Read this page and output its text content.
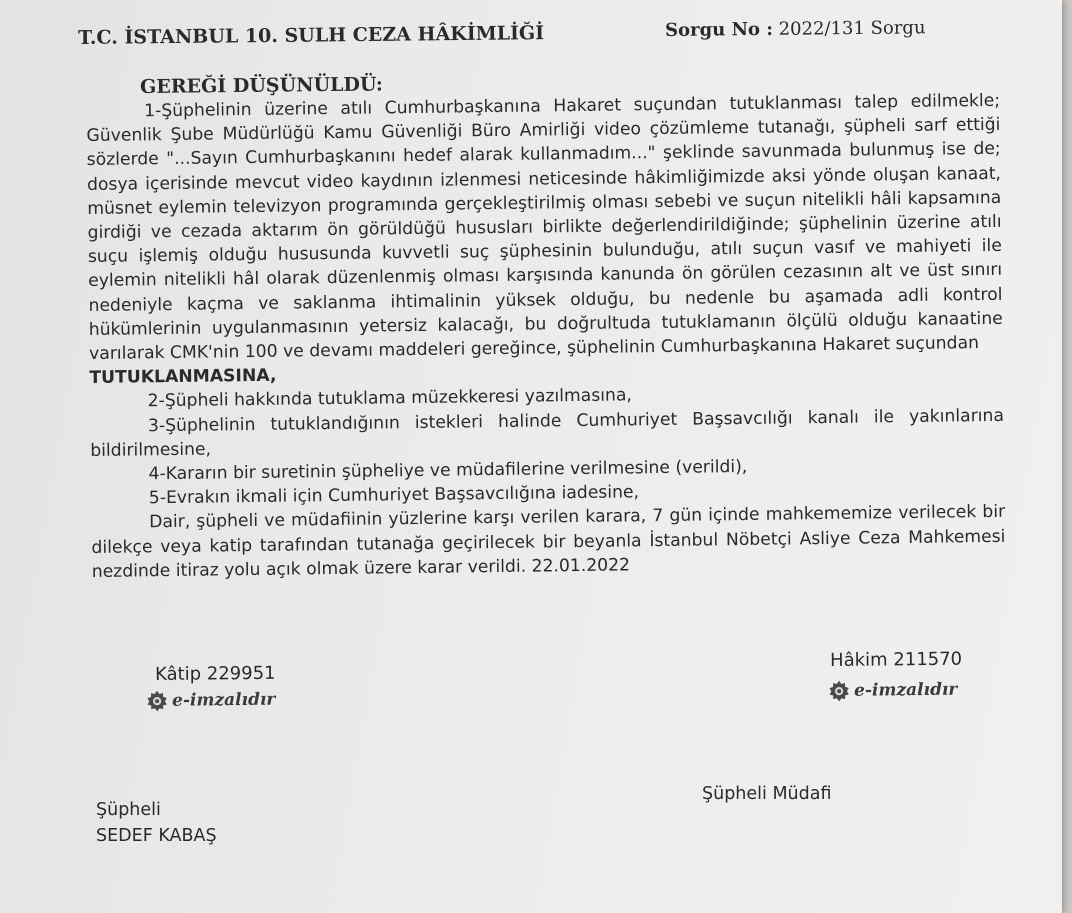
T.C. İSTANBUL 10. SULH CEZA HÂKİMLİĞİ	Sorgu No : 2022/131 Sorgu
GEREĞİ DÜŞÜNÜLDÜ:

1-Şüphelinin üzerine atılı Cumhurbaşkanına Hakaret suçundan tutuklanması talep edilmekle; Güvenlik Şube Müdürlüğü Kamu Güvenliği Büro Amirliği video çözümleme tutanağı, şüpheli sarf ettiği sözlerde "...Sayın Cumhurbaşkanını hedef alarak kullanmadım..." şeklinde savunmada bulunmuş ise de; dosya içerisinde mevcut video kaydının izlenmesi neticesinde hâkimliğimizde aksi yönde oluşan kanaat, müsnet eylemin televizyon programında gerçekleştirilmiş olması sebebi ve suçun nitelikli hâli kapsamına girdiği ve cezada aktarım ön görüldüğü hususları birlikte değerlendirildiğinde; şüphelinin üzerine atılı suçu işlemiş olduğu hususunda kuvvetli suç şüphesinin bulunduğu, atılı suçun vasıf ve mahiyeti ile eylemin nitelikli hâl olarak düzenlenmiş olması karşısında kanunda ön görülen cezasının alt ve üst sınırı nedeniyle kaçma ve saklanma ihtimalinin yüksek olduğu, bu nedenle bu aşamada adli kontrol hükümlerinin uygulanmasının yetersiz kalacağı, bu doğrultuda tutuklamanın ölçülü olduğu kanaatine varılarak CMK'nin 100 ve devamı maddeleri gereğince, şüphelinin Cumhurbaşkanına Hakaret suçundan
TUTUKLANMASINA,

2-Şüpheli hakkında tutuklama müzekkeresi yazılmasına,

3-Şüphelinin tutuklandığının istekleri halinde Cumhuriyet Başsavcılığı kanalı ile yakınlarına bildirilmesine,

4-Kararın bir suretinin şüpheliye ve müdafilerine verilmesine (verildi),

5-Evrakın ikmali için Cumhuriyet Başsavcılığına iadesine,

Dair, şüpheli ve müdafiinin yüzlerine karşı verilen karara, 7 gün içinde mahkememize verilecek bir dilekçe veya katip tarafından tutanağa geçirilecek bir beyanla İstanbul Nöbetçi Asliye Ceza Mahkemesi nezdinde itiraz yolu açık olmak üzere karar verildi. 22.01.2022

Kâtip 229951
e-imzalıdır
Hâkim 211570
e-imzalıdır
Şüpheli
SEDEF KABAŞ
Şüpheli Müdafi
